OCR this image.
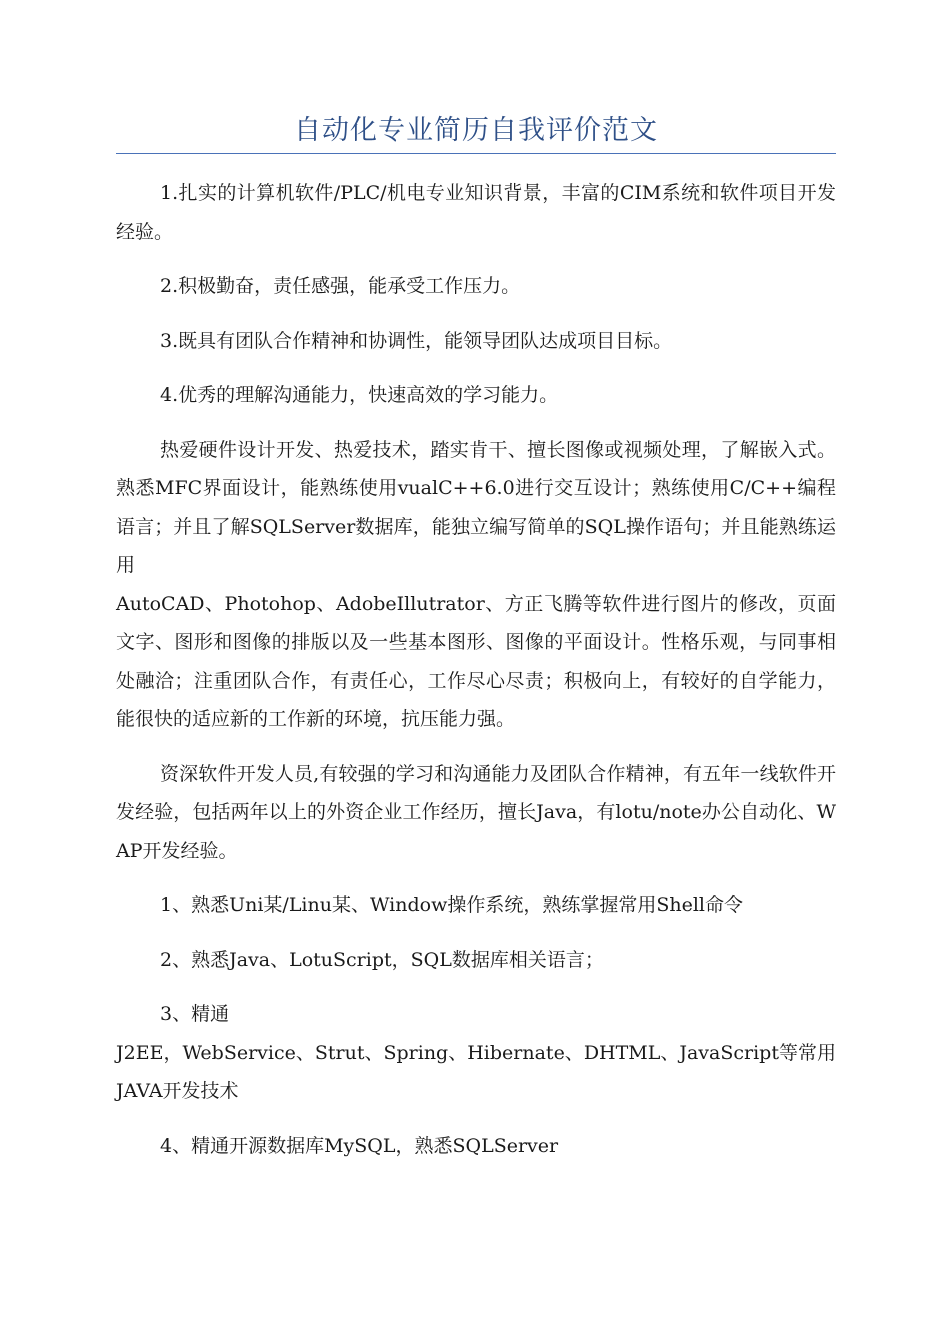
自动化专业简历自我评价范文

1.扎实的计算机软件/PLC/机电专业知识背景，丰富的CIM系统和软件项目开发经验。

2.积极勤奋，责任感强，能承受工作压力。

3.既具有团队合作精神和协调性，能领导团队达成项目目标。

4.优秀的理解沟通能力，快速高效的学习能力。

热爱硬件设计开发、热爱技术，踏实肯干、擅长图像或视频处理，了解嵌入式。熟悉MFC界面设计，能熟练使用vualC++6.0进行交互设计；熟练使用C/C++编程语言；并且了解SQLServer数据库，能独立编写简单的SQL操作语句；并且能熟练运用

AutoCAD、Photohop、AdobeIllutrator、方正飞腾等软件进行图片的修改，页面文字、图形和图像的排版以及一些基本图形、图像的平面设计。性格乐观，与同事相处融洽；注重团队合作，有责任心，工作尽心尽责；积极向上，有较好的自学能力，能很快的适应新的工作新的环境，抗压能力强。

资深软件开发人员,有较强的学习和沟通能力及团队合作精神，有五年一线软件开发经验，包括两年以上的外资企业工作经历，擅长Java，有lotu/note办公自动化、WAP开发经验。

1、熟悉Uni某/Linu某、Window操作系统，熟练掌握常用Shell命令

2、熟悉Java、LotuScript，SQL数据库相关语言；

3、精通

J2EE，WebService、Strut、Spring、Hibernate、DHTML、JavaScript等常用JAVA开发技术

4、精通开源数据库MySQL，熟悉SQLServer
